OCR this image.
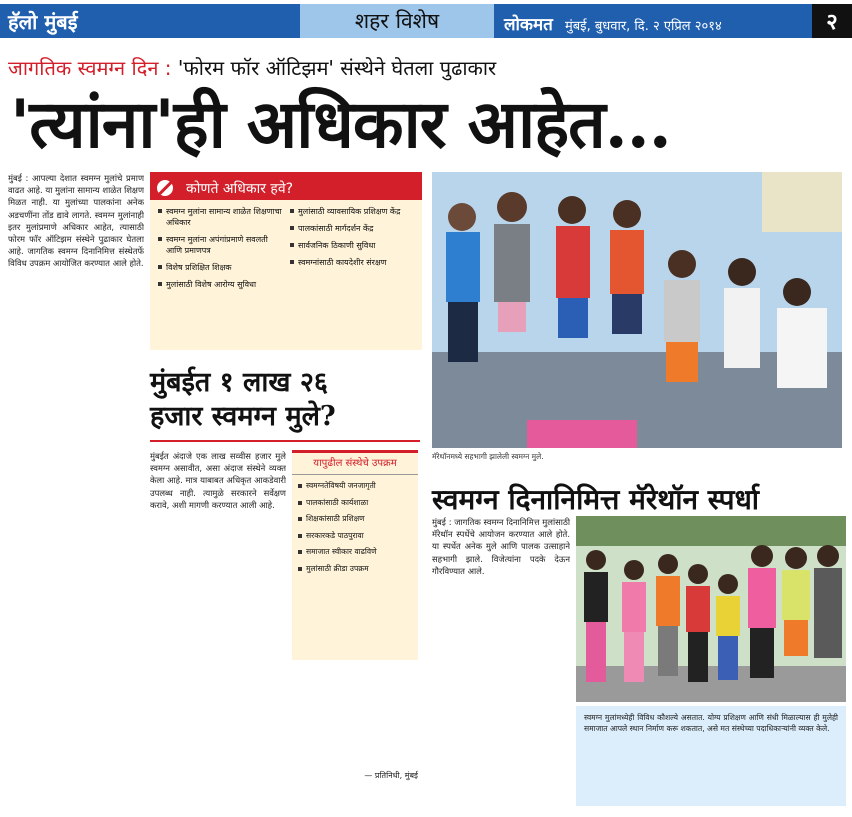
हॅलो मुंबई	शहर विशेष	लोकमत मुंबई, बुधवार, दि. २ एप्रिल २०१४	२
जागतिक स्वमग्न दिन : 'फोरम फॉर ऑटिझम' संस्थेने घेतला पुढाकार
'त्यांना'ही अधिकार आहेत...

मुंबई : आपल्या देशात स्वमग्न मुलांचे प्रमाण वाढत आहे. या मुलांना सामान्य शाळेत शिक्षण मिळत नाही. या मुलांच्या पालकांना अनेक अडचणींना तोंड द्यावे लागते. स्वमग्न मुलांनाही इतर मुलांप्रमाणे अधिकार आहेत, त्यासाठी फोरम फॉर ऑटिझम संस्थेने पुढाकार घेतला आहे. जागतिक स्वमग्न दिनानिमित्त संस्थेतर्फे विविध उपक्रम आयोजित करण्यात आले होते.

कोणते अधिकार हवे?
स्वमग्न मुलांना सामान्य शाळेत शिक्षणाचा अधिकार
स्वमग्न मुलांना अपंगांप्रमाणे सवलती आणि प्रमाणपत्र
विशेष प्रशिक्षित शिक्षक
मुलांसाठी विशेष आरोग्य सुविधा
मुलांसाठी व्यावसायिक प्रशिक्षण केंद्र
पालकांसाठी मार्गदर्शन केंद्र
सार्वजनिक ठिकाणी सुविधा
स्वमग्नांसाठी कायदेशीर संरक्षण
मुंबईत १ लाख २६
हजार स्वमग्न मुले?

मुंबईत अंदाजे एक लाख सव्वीस हजार मुले स्वमग्न असावीत, असा अंदाज संस्थेने व्यक्त केला आहे. मात्र याबाबत अधिकृत आकडेवारी उपलब्ध नाही. त्यामुळे सरकारने सर्वेक्षण करावे, अशी मागणी करण्यात आली आहे.

यापुढील संस्थेचे उपक्रम
स्वमग्नतेविषयी जनजागृती
पालकांसाठी कार्यशाळा
शिक्षकांसाठी प्रशिक्षण
सरकारकडे पाठपुरावा
समाजात स्वीकार वाढविणे
मुलांसाठी क्रीडा उपक्रम
— प्रतिनिधी, मुंबई
मॅरेथॉनमध्ये सहभागी झालेली स्वमग्न मुले.
स्वमग्न दिनानिमित्त मॅरेथॉन स्पर्धा

मुंबई : जागतिक स्वमग्न दिनानिमित्त मुलांसाठी मॅरेथॉन स्पर्धेचे आयोजन करण्यात आले होते. या स्पर्धेत अनेक मुले आणि पालक उत्साहाने सहभागी झाले. विजेत्यांना पदके देऊन गौरविण्यात आले.

स्वमग्न मुलांमध्येही विविध कौशल्ये असतात. योग्य प्रशिक्षण आणि संधी मिळाल्यास ही मुलेही समाजात आपले स्थान निर्माण करू शकतात, असे मत संस्थेच्या पदाधिकाऱ्यांनी व्यक्त केले.
